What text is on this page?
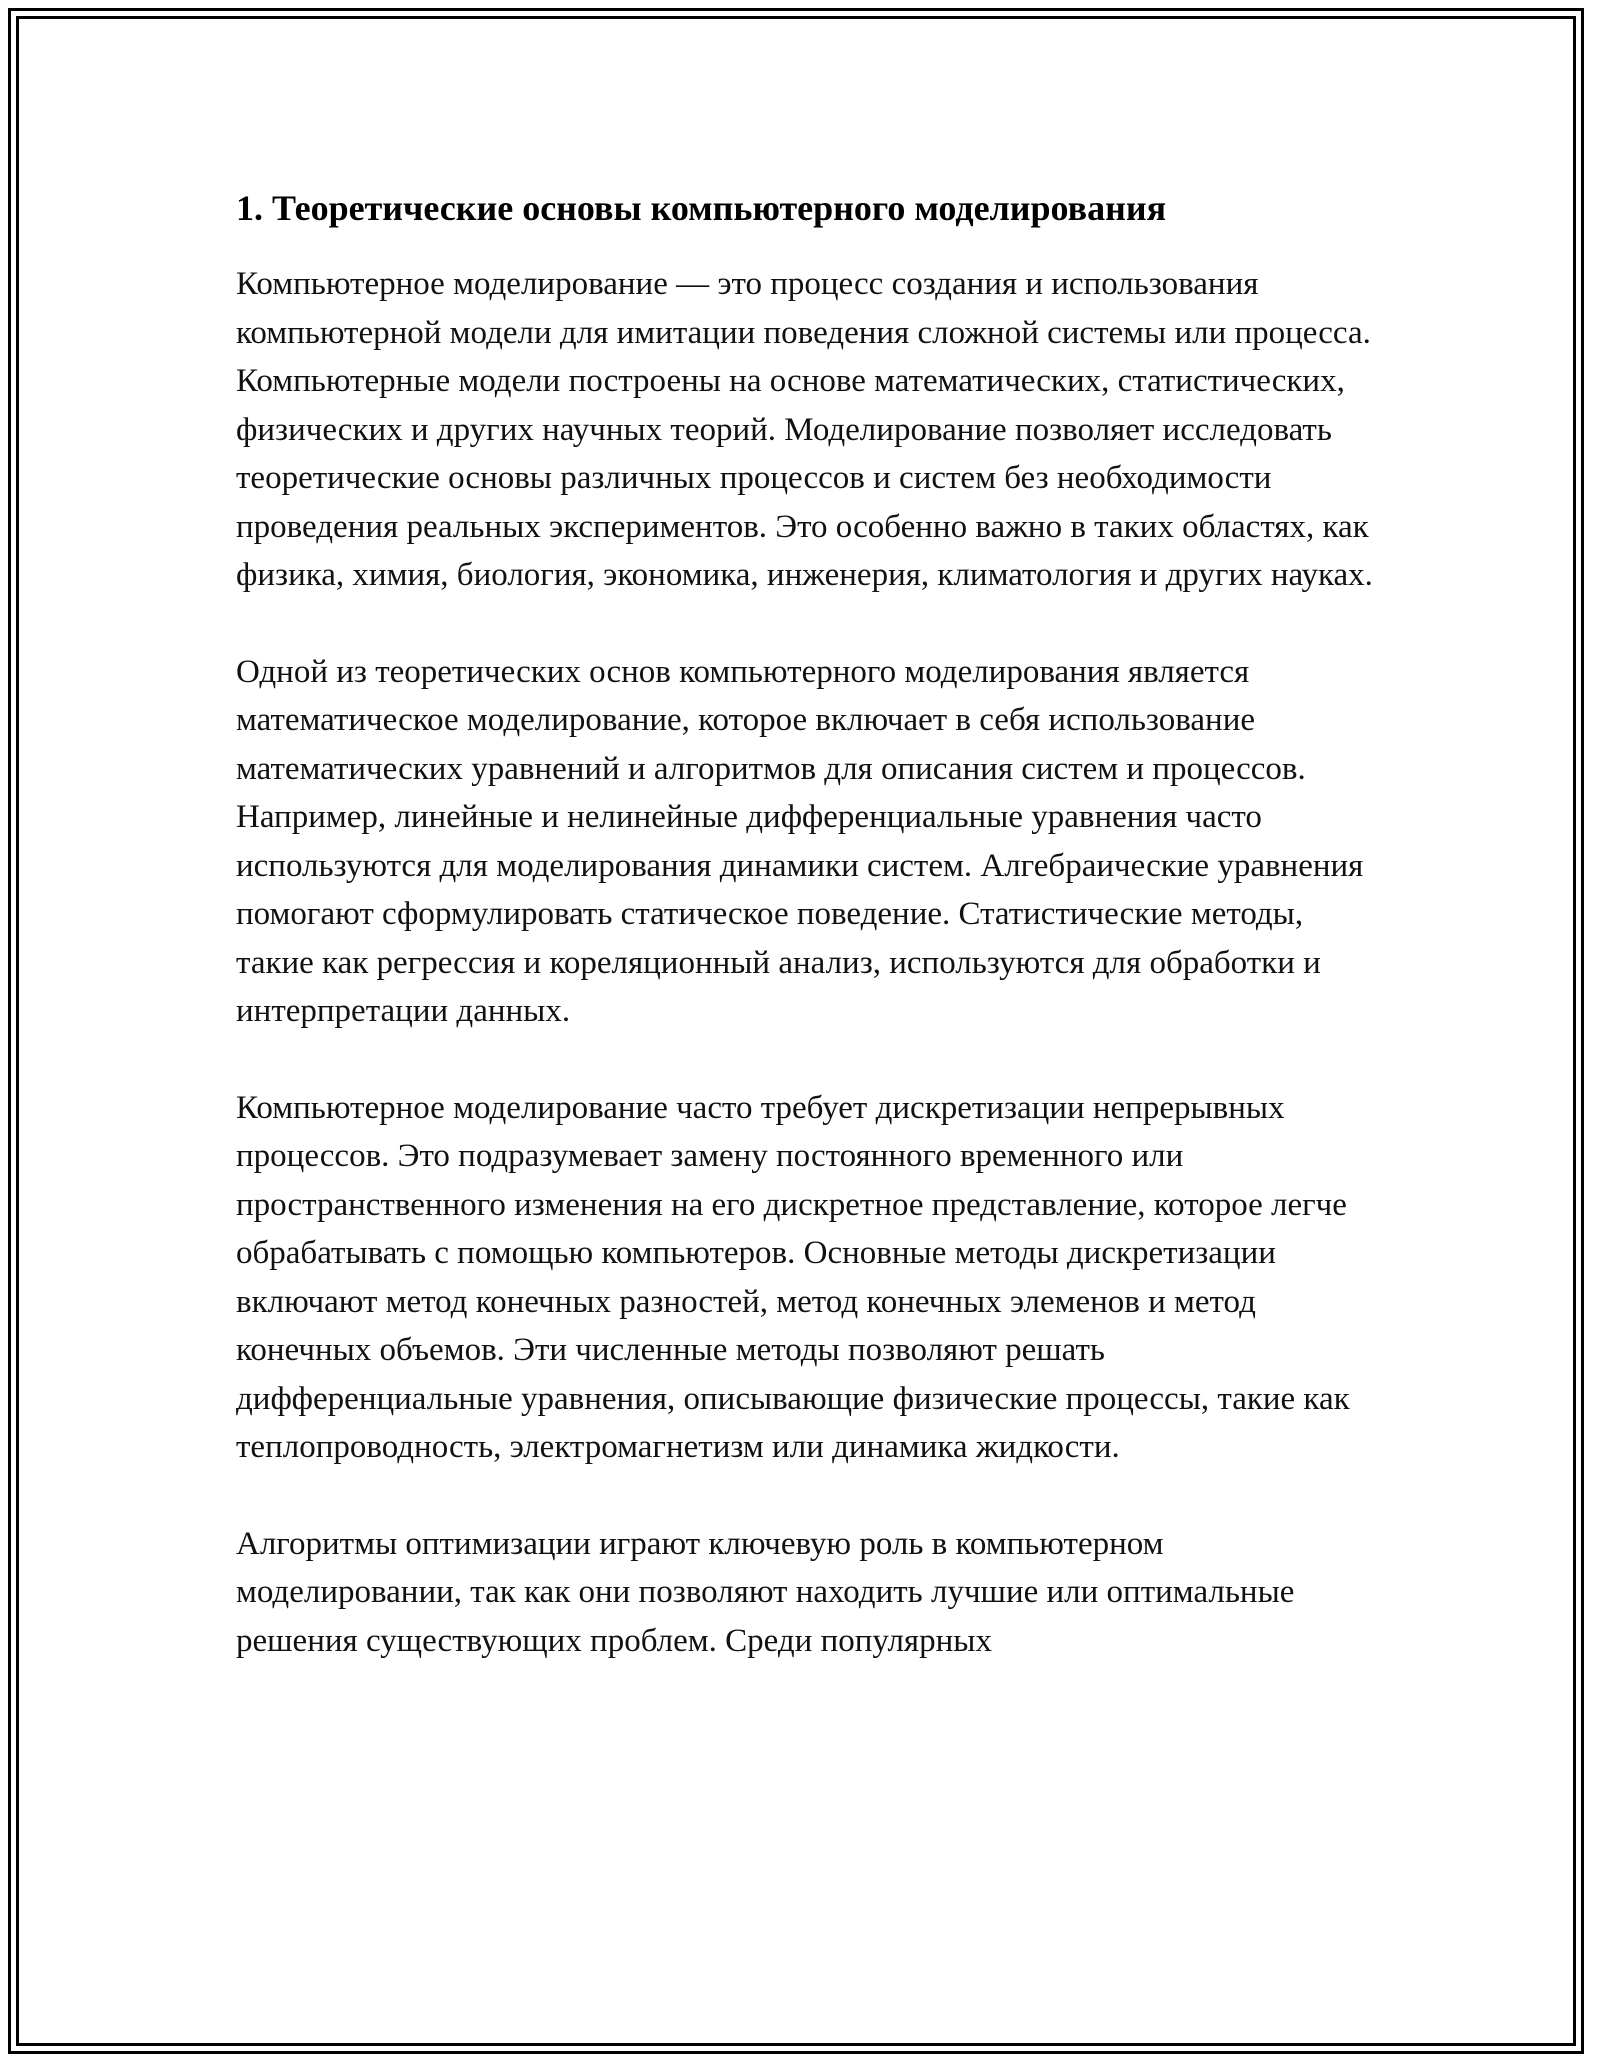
1. Теоретические основы компьютерного моделирования

Компьютерное моделирование — это процесс создания и использования компьютерной модели для имитации поведения сложной системы или процесса. Компьютерные модели построены на основе математических, статистических, физических и других научных теорий. Моделирование позволяет исследовать теоретические основы различных процессов и систем без необходимости проведения реальных экспериментов. Это особенно важно в таких областях, как физика, химия, биология, экономика, инженерия, климатология и других науках.

Одной из теоретических основ компьютерного моделирования является математическое моделирование, которое включает в себя использование математических уравнений и алгоритмов для описания систем и процессов. Например, линейные и нелинейные дифференциальные уравнения часто используются для моделирования динамики систем. Алгебраические уравнения помогают сформулировать статическое поведение. Статистические методы, такие как регрессия и кореляционный анализ, используются для обработки и интерпретации данных.

Компьютерное моделирование часто требует дискретизации непрерывных процессов. Это подразумевает замену постоянного временного или пространственного изменения на его дискретное представление, которое легче обрабатывать с помощью компьютеров. Основные методы дискретизации включают метод конечных разностей, метод конечных элеменов и метод конечных объемов. Эти численные методы позволяют решать дифференциальные уравнения, описывающие физические процессы, такие как теплопроводность, электромагнетизм или динамика жидкости.

Алгоритмы оптимизации играют ключевую роль в компьютерном моделировании, так как они позволяют находить лучшие или оптимальные решения существующих проблем. Среди популярных
